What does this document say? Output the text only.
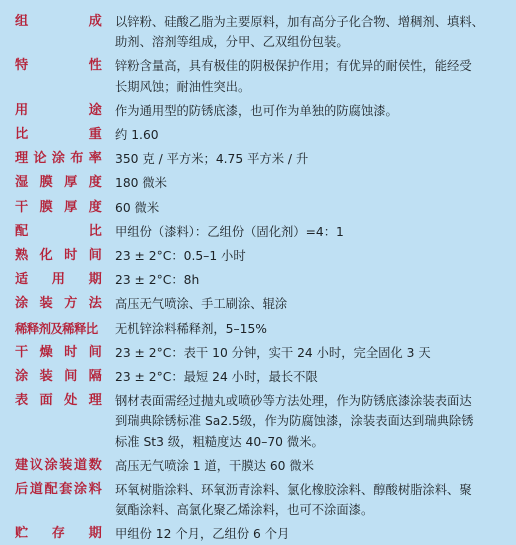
组　　成 以锌粉、硅酸乙脂为主要原料，加有高分子化合物、增稠剂、填料、
助剂、溶剂等组成，分甲、乙双组份包装。
特　　性 锌粉含量高，具有极佳的阴极保护作用；有优异的耐侯性，能经受
长期风蚀；耐油性突出。
用　　途 作为通用型的防锈底漆，也可作为单独的防腐蚀漆。
比　　重 约 1.60
理论涂布率 350 克 / 平方米；4.75 平方米 / 升
湿膜厚度 180 微米
干膜厚度 60 微米
配　　比 甲组份（漆料）：乙组份（固化剂）=4：1
熟化时间 23 ± 2°C：0.5–1 小时
适　用　期 23 ± 2°C：8h
涂装方法 高压无气喷涂、手工刷涂、辊涂
稀释剂及稀释比	无机锌涂料稀释剂，5–15%
干燥时间 23 ± 2°C：表干 10 分钟，实干 24 小时，完全固化 3 天
涂装间隔 23 ± 2°C：最短 24 小时，最长不限
表面处理 钢材表面需经过抛丸或喷砂等方法处理，作为防锈底漆涂装表面达
到瑞典除锈标准 Sa2.5级，作为防腐蚀漆，涂装表面达到瑞典除锈
标准 St3 级，粗糙度达 40–70 微米。
建议涂装道数 高压无气喷涂 1 道，干膜达 60 微米
后道配套涂料 环氧树脂涂料、环氧沥青涂料、氯化橡胶涂料、醇酸树脂涂料、聚
氨酯涂料、高氯化聚乙烯涂料，也可不涂面漆。
贮　存　期 甲组份 12 个月，乙组份 6 个月
